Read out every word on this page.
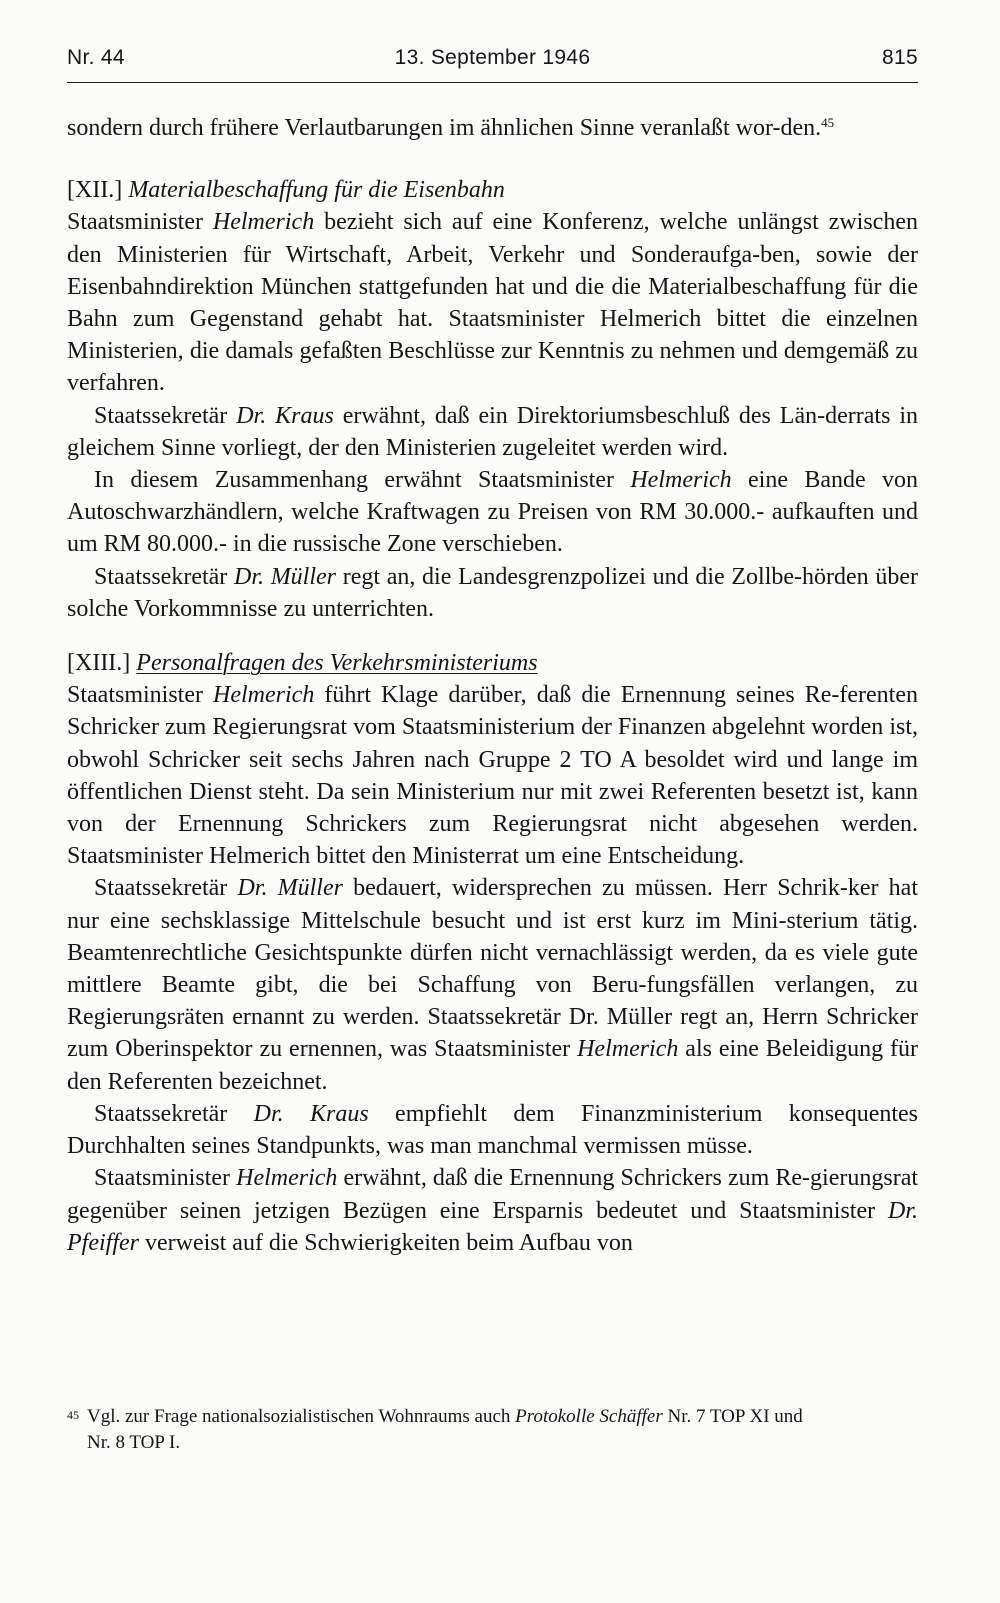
Nr. 44	13. September 1946	815

sondern durch frühere Verlautbarungen im ähnlichen Sinne veranlaßt wor-den.$^{45}$

[XII.] Materialbeschaffung für die Eisenbahn

Staatsminister Helmerich bezieht sich auf eine Konferenz, welche unlängst zwischen den Ministerien für Wirtschaft, Arbeit, Verkehr und Sonderaufga-ben, sowie der Eisenbahndirektion München stattgefunden hat und die die Materialbeschaffung für die Bahn zum Gegenstand gehabt hat. Staatsminister Helmerich bittet die einzelnen Ministerien, die damals gefaßten Beschlüsse zur Kenntnis zu nehmen und demgemäß zu verfahren.

Staatssekretär Dr. Kraus erwähnt, daß ein Direktoriumsbeschluß des Län-derrats in gleichem Sinne vorliegt, der den Ministerien zugeleitet werden wird.

In diesem Zusammenhang erwähnt Staatsminister Helmerich eine Bande von Autoschwarzhändlern, welche Kraftwagen zu Preisen von RM 30.000.- aufkauften und um RM 80.000.- in die russische Zone verschieben.

Staatssekretär Dr. Müller regt an, die Landesgrenzpolizei und die Zollbe-hörden über solche Vorkommnisse zu unterrichten.

[XIII.] Personalfragen des Verkehrsministeriums

Staatsminister Helmerich führt Klage darüber, daß die Ernennung seines Re-ferenten Schricker zum Regierungsrat vom Staatsministerium der Finanzen abgelehnt worden ist, obwohl Schricker seit sechs Jahren nach Gruppe 2 TO A besoldet wird und lange im öffentlichen Dienst steht. Da sein Ministerium nur mit zwei Referenten besetzt ist, kann von der Ernennung Schrickers zum Regierungsrat nicht abgesehen werden. Staatsminister Helmerich bittet den Ministerrat um eine Entscheidung.

Staatssekretär Dr. Müller bedauert, widersprechen zu müssen. Herr Schrik-ker hat nur eine sechsklassige Mittelschule besucht und ist erst kurz im Mini-sterium tätig. Beamtenrechtliche Gesichtspunkte dürfen nicht vernachlässigt werden, da es viele gute mittlere Beamte gibt, die bei Schaffung von Beru-fungsfällen verlangen, zu Regierungsräten ernannt zu werden. Staatssekretär Dr. Müller regt an, Herrn Schricker zum Oberinspektor zu ernennen, was Staatsminister Helmerich als eine Beleidigung für den Referenten bezeichnet.

Staatssekretär Dr. Kraus empfiehlt dem Finanzministerium konsequentes Durchhalten seines Standpunkts, was man manchmal vermissen müsse.

Staatsminister Helmerich erwähnt, daß die Ernennung Schrickers zum Re-gierungsrat gegenüber seinen jetzigen Bezügen eine Ersparnis bedeutet und Staatsminister Dr. Pfeiffer verweist auf die Schwierigkeiten beim Aufbau von

45 Vgl. zur Frage nationalsozialistischen Wohnraums auch Protokolle Schäffer Nr. 7 TOP XI und
Nr. 8 TOP I.
